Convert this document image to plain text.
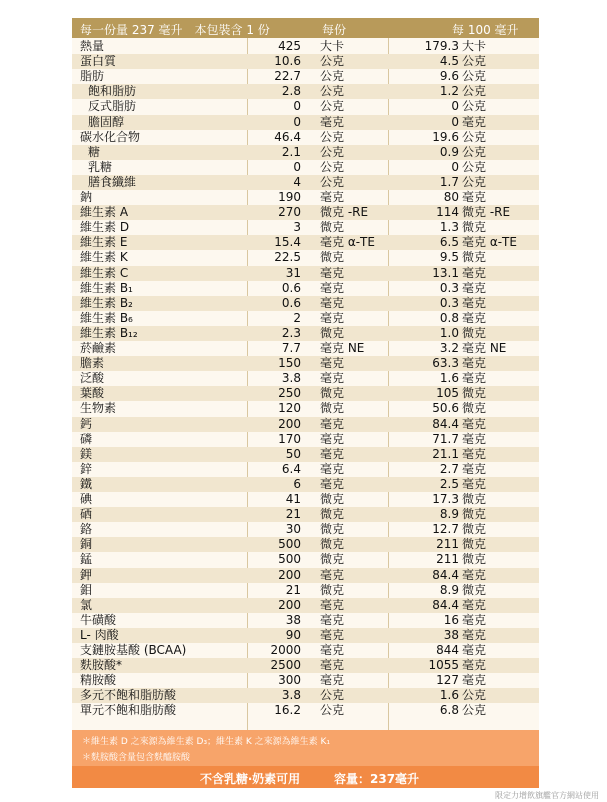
每一份量 237 毫升　本包裝含 1 份	每份	每 100 毫升
熱量	425 大卡	179.3 大卡
蛋白質	10.6 公克	4.5 公克
脂肪	22.7 公克	9.6 公克
飽和脂肪	2.8 公克	1.2 公克
反式脂肪	0 公克	0 公克
膽固醇	0 毫克	0 毫克
碳水化合物	46.4 公克	19.6 公克
糖	2.1 公克	0.9 公克
乳糖	0 公克	0 公克
膳食纖維	4 公克	1.7 公克
鈉	190 毫克	80 毫克
維生素 A	270 微克 -RE	114 微克 -RE
維生素 D	3 微克	1.3 微克
維生素 E	15.4 毫克 α-TE	6.5 毫克 α-TE
維生素 K	22.5 微克	9.5 微克
維生素 C	31 毫克	13.1 毫克
維生素 B₁	0.6 毫克	0.3 毫克
維生素 B₂	0.6 毫克	0.3 毫克
維生素 B₆	2 毫克	0.8 毫克
維生素 B₁₂	2.3 微克	1.0 微克
菸鹼素	7.7 毫克 NE	3.2 毫克 NE
膽素	150 毫克	63.3 毫克
泛酸	3.8 毫克	1.6 毫克
葉酸	250 微克	105 微克
生物素	120 微克	50.6 微克
鈣	200 毫克	84.4 毫克
磷	170 毫克	71.7 毫克
鎂	50 毫克	21.1 毫克
鋅	6.4 毫克	2.7 毫克
鐵	6 毫克	2.5 毫克
碘	41 微克	17.3 微克
硒	21 微克	8.9 微克
鉻	30 微克	12.7 微克
銅	500 微克	211 微克
錳	500 微克	211 微克
鉀	200 毫克	84.4 毫克
鉬	21 微克	8.9 微克
氯	200 毫克	84.4 毫克
牛磺酸	38 毫克	16 毫克
L- 肉酸	90 毫克	38 毫克
支鏈胺基酸 (BCAA)	2000 毫克	844 毫克
麩胺酸*	2500 毫克	1055 毫克
精胺酸	300 毫克	127 毫克
多元不飽和脂肪酸	3.8 公克	1.6 公克
單元不飽和脂肪酸	16.2 公克	6.8 公克
＊維生素 D 之來源為維生素 D₃；維生素 K 之來源為維生素 K₁
＊麩胺酸含量包含麩醯胺酸
不含乳糖‧奶素可用	容量：237毫升
限定力增飲旗艦官方網站使用
